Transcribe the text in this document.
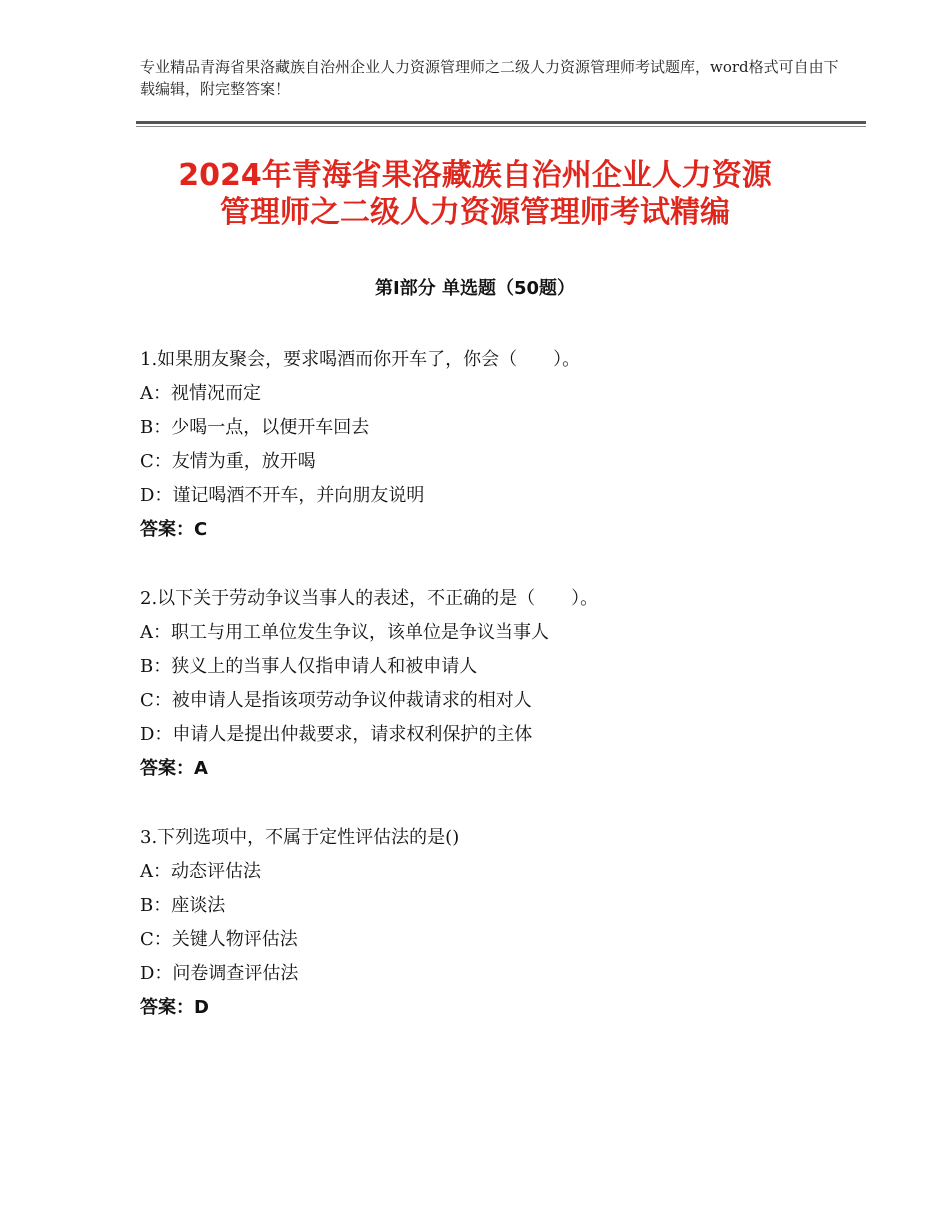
专业精品青海省果洛藏族自治州企业人力资源管理师之二级人力资源管理师考试题库，word格式可自由下载编辑，附完整答案！
2024年青海省果洛藏族自治州企业人力资源
管理师之二级人力资源管理师考试精编
第Ⅰ部分 单选题（50题）
1.如果朋友聚会，要求喝酒而你开车了，你会（　　）。
A：视情况而定
B：少喝一点，以便开车回去
C：友情为重，放开喝
D：谨记喝酒不开车，并向朋友说明
答案：C
2.以下关于劳动争议当事人的表述，不正确的是（　　）。
A：职工与用工单位发生争议，该单位是争议当事人
B：狭义上的当事人仅指申请人和被申请人
C：被申请人是指该项劳动争议仲裁请求的相对人
D：申请人是提出仲裁要求，请求权利保护的主体
答案：A
3.下列选项中，不属于定性评估法的是()
A：动态评估法
B：座谈法
C：关键人物评估法
D：问卷调查评估法
答案：D
